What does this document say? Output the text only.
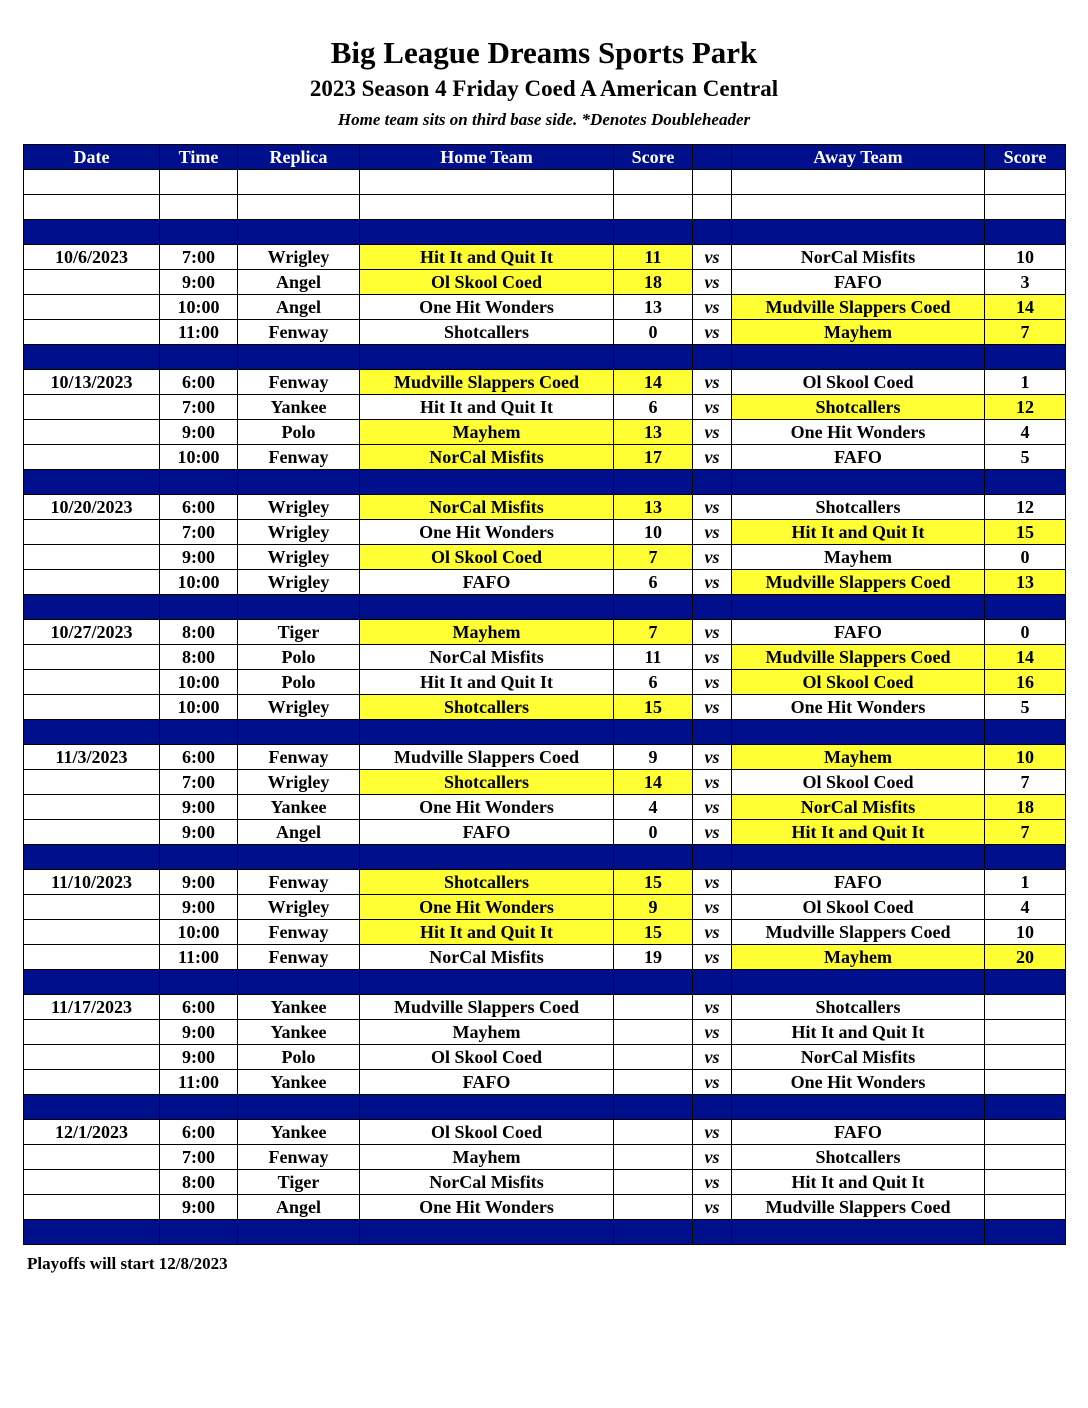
Big League Dreams Sports Park
2023 Season 4 Friday Coed A American Central
Home team sits on third base side. *Denotes Doubleheader
Date	Time	Replica	Home Team	Score		Away Team	Score

10/6/2023	7:00	Wrigley	Hit It and Quit It	11	vs	NorCal Misfits	10
	9:00	Angel	Ol Skool Coed	18	vs	FAFO	3
	10:00	Angel	One Hit Wonders	13	vs	Mudville Slappers Coed	14
	11:00	Fenway	Shotcallers	0	vs	Mayhem	7

10/13/2023	6:00	Fenway	Mudville Slappers Coed	14	vs	Ol Skool Coed	1
	7:00	Yankee	Hit It and Quit It	6	vs	Shotcallers	12
	9:00	Polo	Mayhem	13	vs	One Hit Wonders	4
	10:00	Fenway	NorCal Misfits	17	vs	FAFO	5

10/20/2023	6:00	Wrigley	NorCal Misfits	13	vs	Shotcallers	12
	7:00	Wrigley	One Hit Wonders	10	vs	Hit It and Quit It	15
	9:00	Wrigley	Ol Skool Coed	7	vs	Mayhem	0
	10:00	Wrigley	FAFO	6	vs	Mudville Slappers Coed	13

10/27/2023	8:00	Tiger	Mayhem	7	vs	FAFO	0
	8:00	Polo	NorCal Misfits	11	vs	Mudville Slappers Coed	14
	10:00	Polo	Hit It and Quit It	6	vs	Ol Skool Coed	16
	10:00	Wrigley	Shotcallers	15	vs	One Hit Wonders	5

11/3/2023	6:00	Fenway	Mudville Slappers Coed	9	vs	Mayhem	10
	7:00	Wrigley	Shotcallers	14	vs	Ol Skool Coed	7
	9:00	Yankee	One Hit Wonders	4	vs	NorCal Misfits	18
	9:00	Angel	FAFO	0	vs	Hit It and Quit It	7

11/10/2023	9:00	Fenway	Shotcallers	15	vs	FAFO	1
	9:00	Wrigley	One Hit Wonders	9	vs	Ol Skool Coed	4
	10:00	Fenway	Hit It and Quit It	15	vs	Mudville Slappers Coed	10
	11:00	Fenway	NorCal Misfits	19	vs	Mayhem	20

11/17/2023	6:00	Yankee	Mudville Slappers Coed		vs	Shotcallers	
	9:00	Yankee	Mayhem		vs	Hit It and Quit It	
	9:00	Polo	Ol Skool Coed		vs	NorCal Misfits	
	11:00	Yankee	FAFO		vs	One Hit Wonders	

12/1/2023	6:00	Yankee	Ol Skool Coed		vs	FAFO	
	7:00	Fenway	Mayhem		vs	Shotcallers	
	8:00	Tiger	NorCal Misfits		vs	Hit It and Quit It	
	9:00	Angel	One Hit Wonders		vs	Mudville Slappers Coed	

Playoffs will start 12/8/2023
